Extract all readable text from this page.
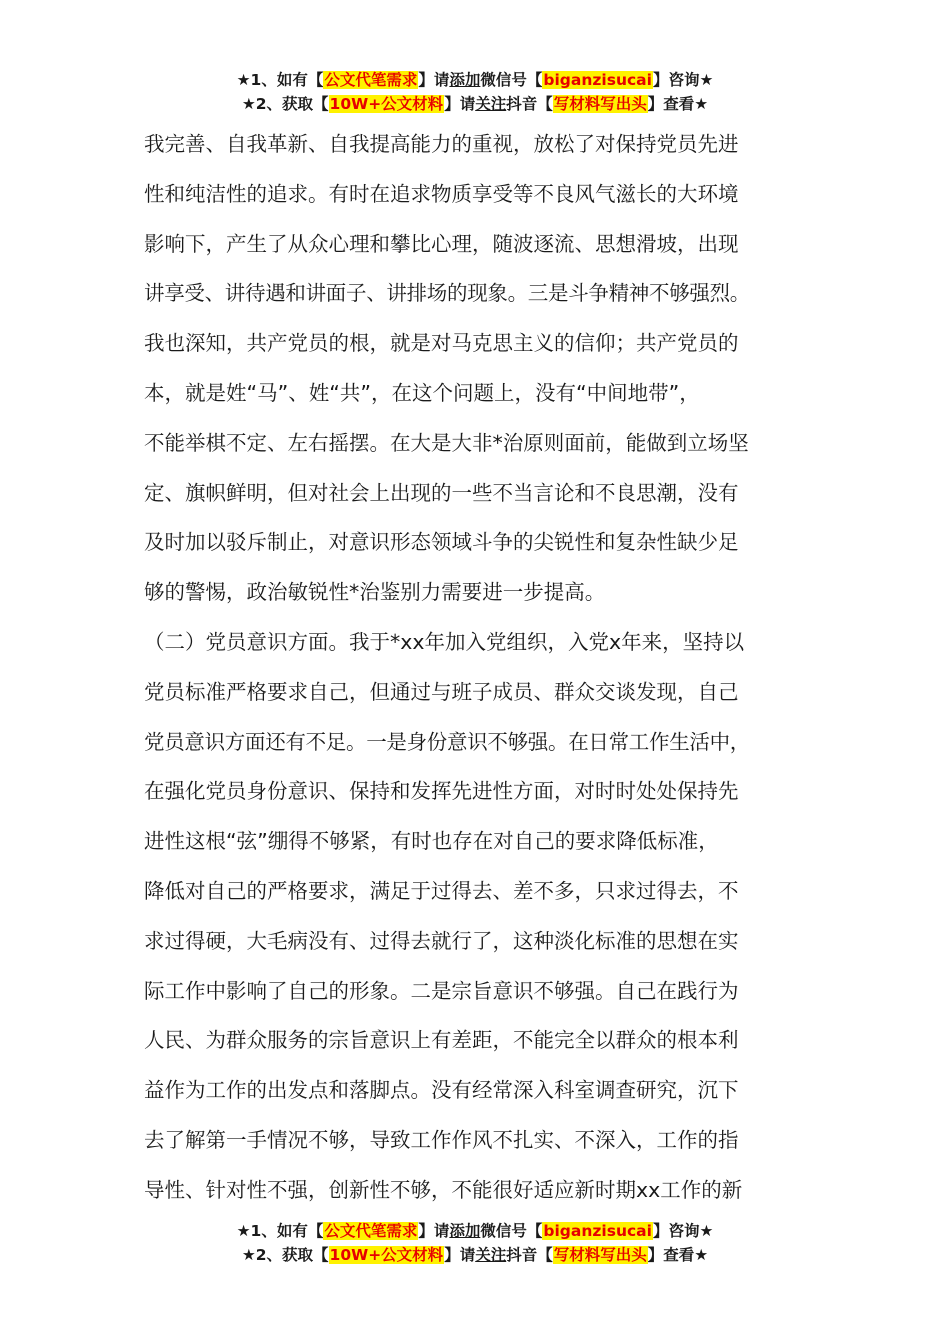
★1、如有【公文代笔需求】请添加微信号【biganzisucai】咨询★
★2、获取【10W+公文材料】请关注抖音【写材料写出头】查看★
我完善、自我革新、自我提高能力的重视，放松了对保持党员先进
性和纯洁性的追求。有时在追求物质享受等不良风气滋长的大环境
影响下，产生了从众心理和攀比心理，随波逐流、思想滑坡，出现
讲享受、讲待遇和讲面子、讲排场的现象。三是斗争精神不够强烈。
我也深知，共产党员的根，就是对马克思主义的信仰；共产党员的
本，就是姓“马”、姓“共”，在这个问题上，没有“中间地带”，
不能举棋不定、左右摇摆。在大是大非*治原则面前，能做到立场坚
定、旗帜鲜明，但对社会上出现的一些不当言论和不良思潮，没有
及时加以驳斥制止，对意识形态领域斗争的尖锐性和复杂性缺少足
够的警惕，政治敏锐性*治鉴别力需要进一步提高。
（二）党员意识方面。我于*xx年加入党组织，入党x年来，坚持以
党员标准严格要求自己，但通过与班子成员、群众交谈发现，自己
党员意识方面还有不足。一是身份意识不够强。在日常工作生活中，
在强化党员身份意识、保持和发挥先进性方面，对时时处处保持先
进性这根“弦”绷得不够紧，有时也存在对自己的要求降低标准，
降低对自己的严格要求，满足于过得去、差不多，只求过得去，不
求过得硬，大毛病没有、过得去就行了，这种淡化标准的思想在实
际工作中影响了自己的形象。二是宗旨意识不够强。自己在践行为
人民、为群众服务的宗旨意识上有差距，不能完全以群众的根本利
益作为工作的出发点和落脚点。没有经常深入科室调查研究，沉下
去了解第一手情况不够，导致工作作风不扎实、不深入，工作的指
导性、针对性不强，创新性不够，不能很好适应新时期xx工作的新
★1、如有【公文代笔需求】请添加微信号【biganzisucai】咨询★
★2、获取【10W+公文材料】请关注抖音【写材料写出头】查看★
